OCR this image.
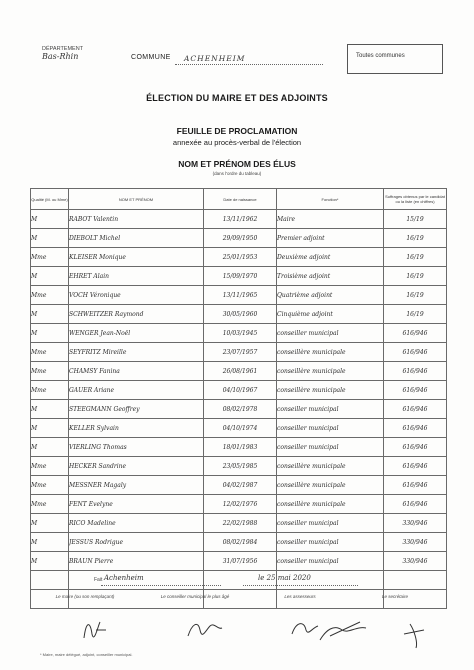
DÉPARTEMENT
Bas-Rhin	COMMUNE ACHENHEIM	Toutes communes
ÉLECTION DU MAIRE ET DES ADJOINTS
FEUILLE DE PROCLAMATION
annexée au procès-verbal de l'élection
NOM ET PRÉNOM DES ÉLUS
(dans l'ordre du tableau)
Qualité (M. ou Mme)	NOM ET PRÉNOM	Date de naissance	Fonction*	Suffrages obtenus par le candidat ou la liste (en chiffres)
M	RABOT Valentin	13/11/1962	Maire	15/19
M	DIEBOLT Michel	29/09/1950	Premier adjoint	16/19
Mme	KLEISER Monique	25/01/1953	Deuxième adjoint	16/19
M	EHRET Alain	15/09/1970	Troisième adjoint	16/19
Mme	VOCH Véronique	13/11/1965	Quatrième adjoint	16/19
M	SCHWEITZER Raymond	30/05/1960	Cinquième adjoint	16/19
M	WENGER Jean-Noël	10/03/1945	conseiller municipal	616/946
Mme	SEYFRITZ Mireille	23/07/1957	conseillère municipale	616/946
Mme	CHAMSY Fanina	26/08/1961	conseillère municipale	616/946
Mme	GAUER Ariane	04/10/1967	conseillère municipale	616/946
M	STEEGMANN Geoffrey	08/02/1978	conseiller municipal	616/946
M	KELLER Sylvain	04/10/1974	conseiller municipal	616/946
M	VIERLING Thomas	18/01/1983	conseiller municipal	616/946
Mme	HECKER Sandrine	23/05/1985	conseillère municipale	616/946
Mme	MESSNER Magaly	04/02/1987	conseillère municipale	616/946
Mme	FENT Evelyne	12/02/1976	conseillère municipale	616/946
M	RICO Madeline	22/02/1988	conseiller municipal	330/946
M	JESSUS Rodrigue	08/02/1984	conseiller municipal	330/946
M	BRAUN Pierre	31/07/1956	conseiller municipal	330/946

Fait Achenheim	le 25 mai 2020
Le maire (ou son remplaçant)	Le conseiller municipal le plus âgé	Les assesseurs	Le secrétaire
* Maire, maire délégué, adjoint, conseiller municipal.
